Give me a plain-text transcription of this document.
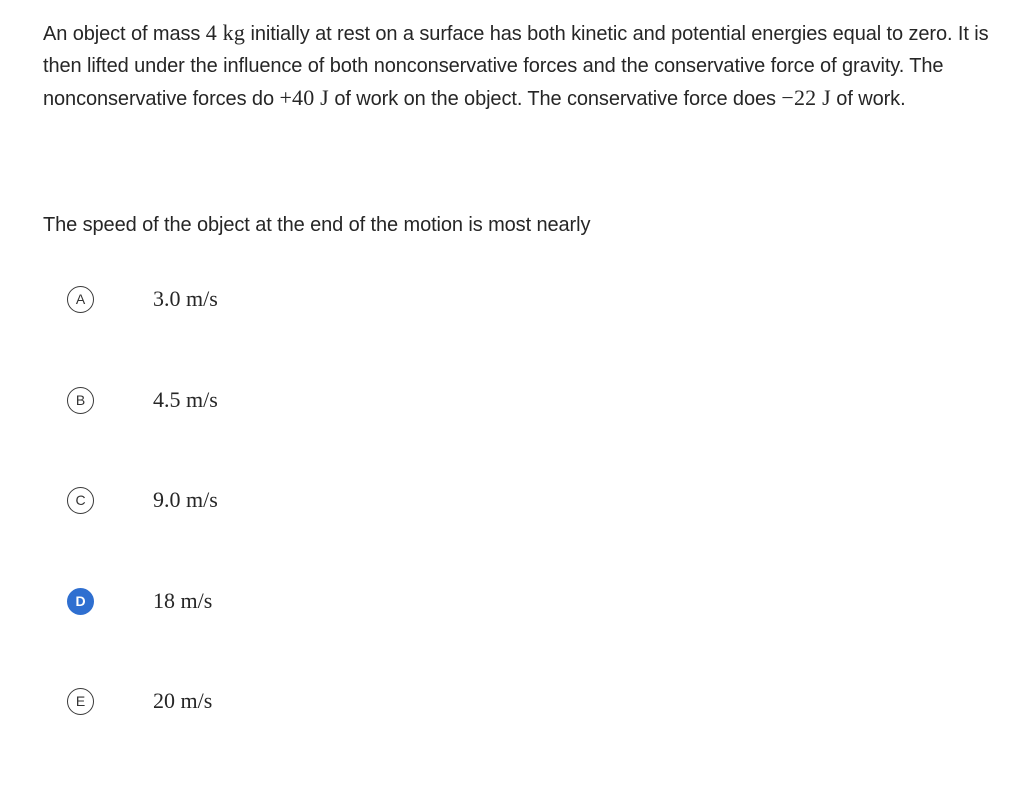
An object of mass 4 kg initially at rest on a surface has both kinetic and potential energies equal to zero. It is then lifted under the influence of both nonconservative forces and the conservative force of gravity. The nonconservative forces do +40 J of work on the object. The conservative force does −22 J of work.
The speed of the object at the end of the motion is most nearly
A	3.0 m/s
B	4.5 m/s
C	9.0 m/s
D	18 m/s
E	20 m/s
